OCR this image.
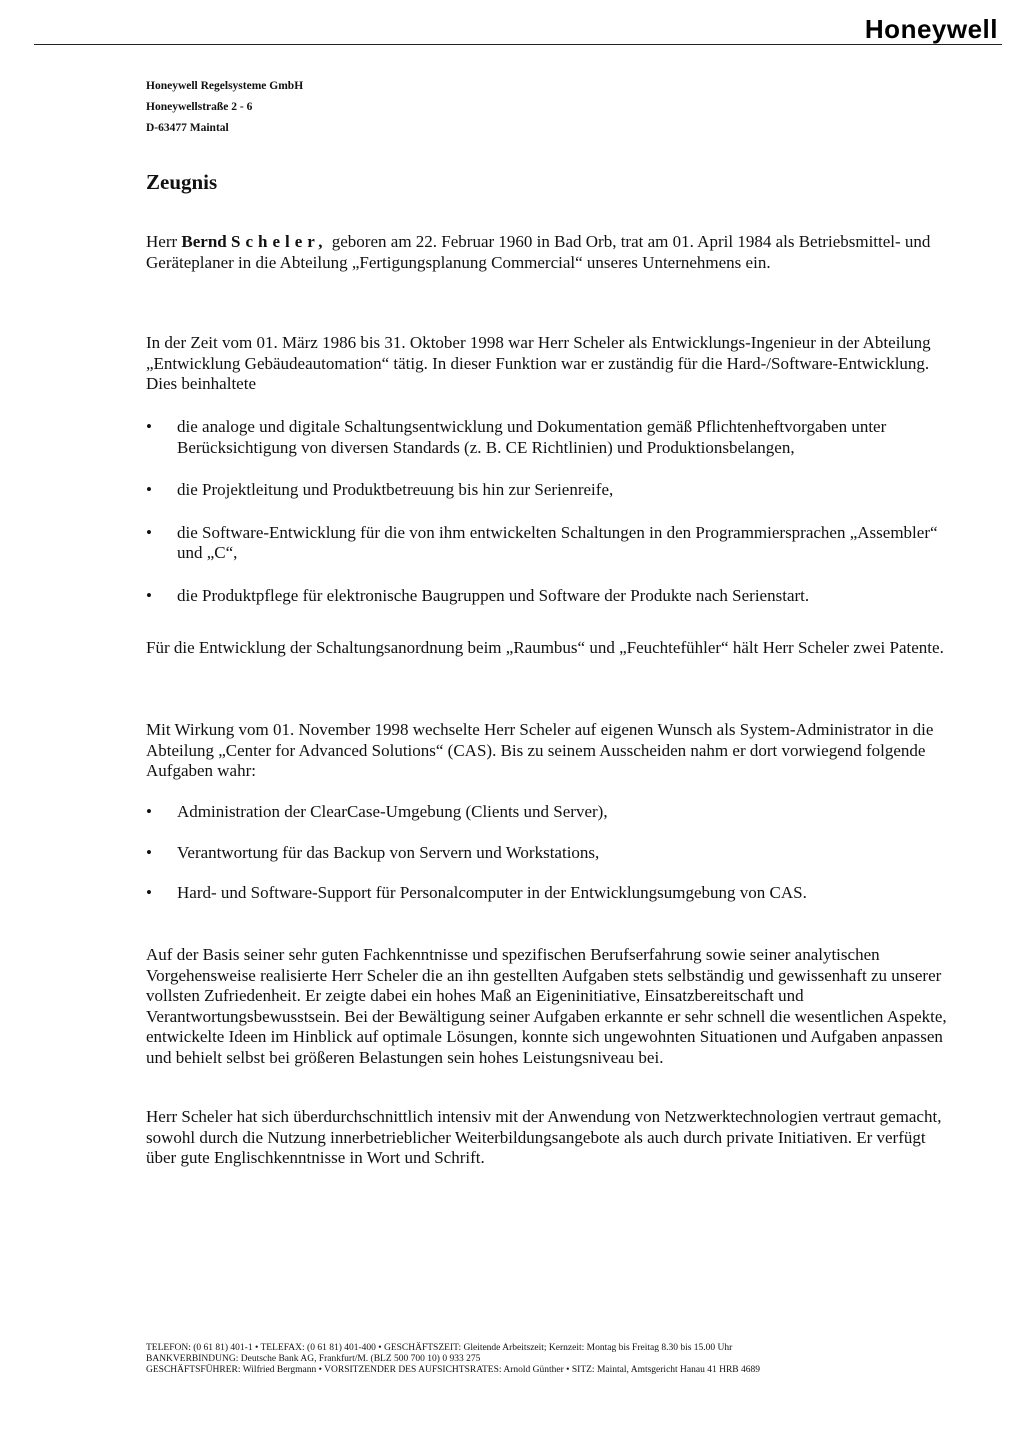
Honeywell
Honeywell Regelsysteme GmbH
Honeywellstraße 2 - 6
D-63477 Maintal
Zeugnis

Herr Bernd Scheler, geboren am 22. Februar 1960 in Bad Orb, trat am 01. April 1984 als Betriebsmittel- und Geräteplaner in die Abteilung „Fertigungsplanung Commercial“ unseres Unternehmens ein.

In der Zeit vom 01. März 1986 bis 31. Oktober 1998 war Herr Scheler als Entwicklungs-Ingenieur in der Abteilung „Entwicklung Gebäudeautomation“ tätig. In dieser Funktion war er zuständig für die Hard-/Software-Entwicklung. Dies beinhaltete

•
die analoge und digitale Schaltungsentwicklung und Dokumentation gemäß Pflichtenheftvorgaben unter Berücksichtigung von diversen Standards (z. B. CE Richtlinien) und Produktionsbelangen,
•
die Projektleitung und Produktbetreuung bis hin zur Serienreife,
•
die Software-Entwicklung für die von ihm entwickelten Schaltungen in den Programmiersprachen „Assembler“ und „C“,
•
die Produktpflege für elektronische Baugruppen und Software der Produkte nach Serienstart.

Für die Entwicklung der Schaltungsanordnung beim „Raumbus“ und „Feuchtefühler“ hält Herr Scheler zwei Patente.

Mit Wirkung vom 01. November 1998 wechselte Herr Scheler auf eigenen Wunsch als System-Administrator in die Abteilung „Center for Advanced Solutions“ (CAS). Bis zu seinem Ausscheiden nahm er dort vorwiegend folgende Aufgaben wahr:

•
Administration der ClearCase-Umgebung (Clients und Server),
•
Verantwortung für das Backup von Servern und Workstations,
•
Hard- und Software-Support für Personalcomputer in der Entwicklungsumgebung von CAS.

Auf der Basis seiner sehr guten Fachkenntnisse und spezifischen Berufserfahrung sowie seiner analytischen Vorgehensweise realisierte Herr Scheler die an ihn gestellten Aufgaben stets selbständig und gewissenhaft zu unserer vollsten Zufriedenheit. Er zeigte dabei ein hohes Maß an Eigeninitiative, Einsatzbereitschaft und Verantwortungsbewusstsein. Bei der Bewältigung seiner Aufgaben erkannte er sehr schnell die wesentlichen Aspekte, entwickelte Ideen im Hinblick auf optimale Lösungen, konnte sich ungewohnten Situationen und Aufgaben anpassen und behielt selbst bei größeren Belastungen sein hohes Leistungsniveau bei.

Herr Scheler hat sich überdurchschnittlich intensiv mit der Anwendung von Netzwerktechnologien vertraut gemacht, sowohl durch die Nutzung innerbetrieblicher Weiterbildungsangebote als auch durch private Initiativen. Er verfügt über gute Englischkenntnisse in Wort und Schrift.

TELEFON: (0 61 81) 401-1 • TELEFAX: (0 61 81) 401-400 • GESCHÄFTSZEIT: Gleitende Arbeitszeit; Kernzeit: Montag bis Freitag 8.30 bis 15.00 Uhr
BANKVERBINDUNG: Deutsche Bank AG, Frankfurt/M. (BLZ 500 700 10) 0 933 275
GESCHÄFTSFÜHRER: Wilfried Bergmann • VORSITZENDER DES AUFSICHTSRATES: Arnold Günther • SITZ: Maintal, Amtsgericht Hanau 41 HRB 4689
